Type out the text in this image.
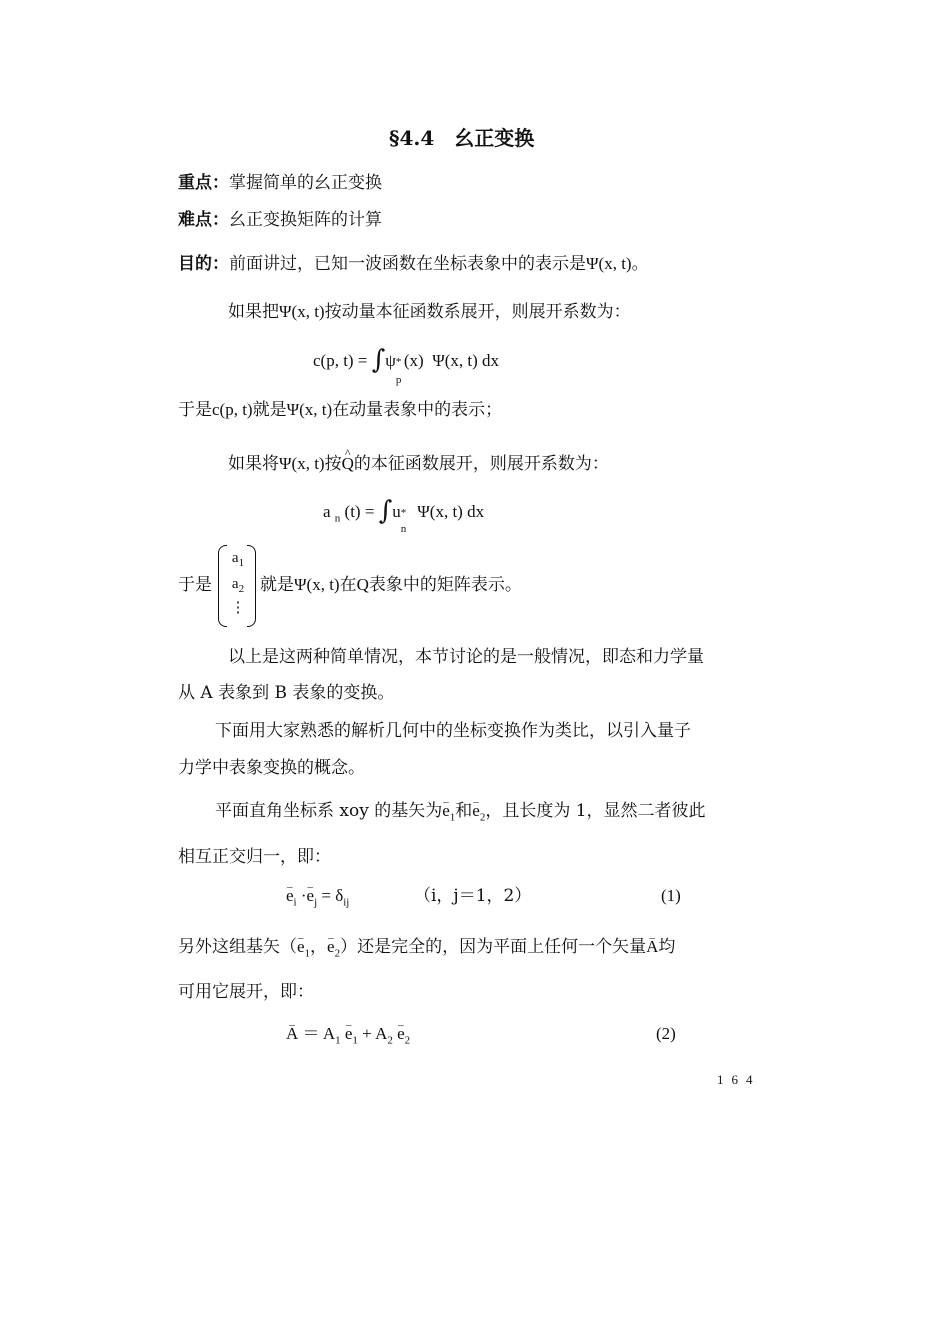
§4.4　幺正变换
重点：掌握简单的幺正变换
难点：幺正变换矩阵的计算
目的：前面讲过，已知一波函数在坐标表象中的表示是Ψ(x, t)。
如果把Ψ(x, t)按动量本征函数系展开，则展开系数为：
c(p, t) = ∫ψ *
p
(x) Ψ(x, t) dx
于是c(p, t)就是Ψ(x, t)在动量表象中的表示；
如果将Ψ(x, t)按^ Q的本征函数展开，则展开系数为：
a $_n$ (t) = ∫u *
n
Ψ(x, t) dx
于是
$a_1$
$a_2$
⋮
就是Ψ(x, t)在Q表象中的矩阵表示。
以上是这两种简单情况，本节讨论的是一般情况，即态和力学量
从 A 表象到 B 表象的变换。
下面用大家熟悉的解析几何中的坐标变换作为类比，以引入量子
力学中表象变换的概念。
平面直角坐标系 xoy 的基矢为– $e_1$和– $e_2$，且长度为 1，显然二者彼此
相互正交归一，即：
– $e_i \cdot- e_j = \delta_{ij}$	（i，j＝1，2）	(1)
另外这组基矢（– $e_1$，– $e_2$）还是完全的，因为平面上任何一个矢量– A均
可用它展开，即：
– $A = A_1 - e_1 + A_2 - e_2$	(2)
164
